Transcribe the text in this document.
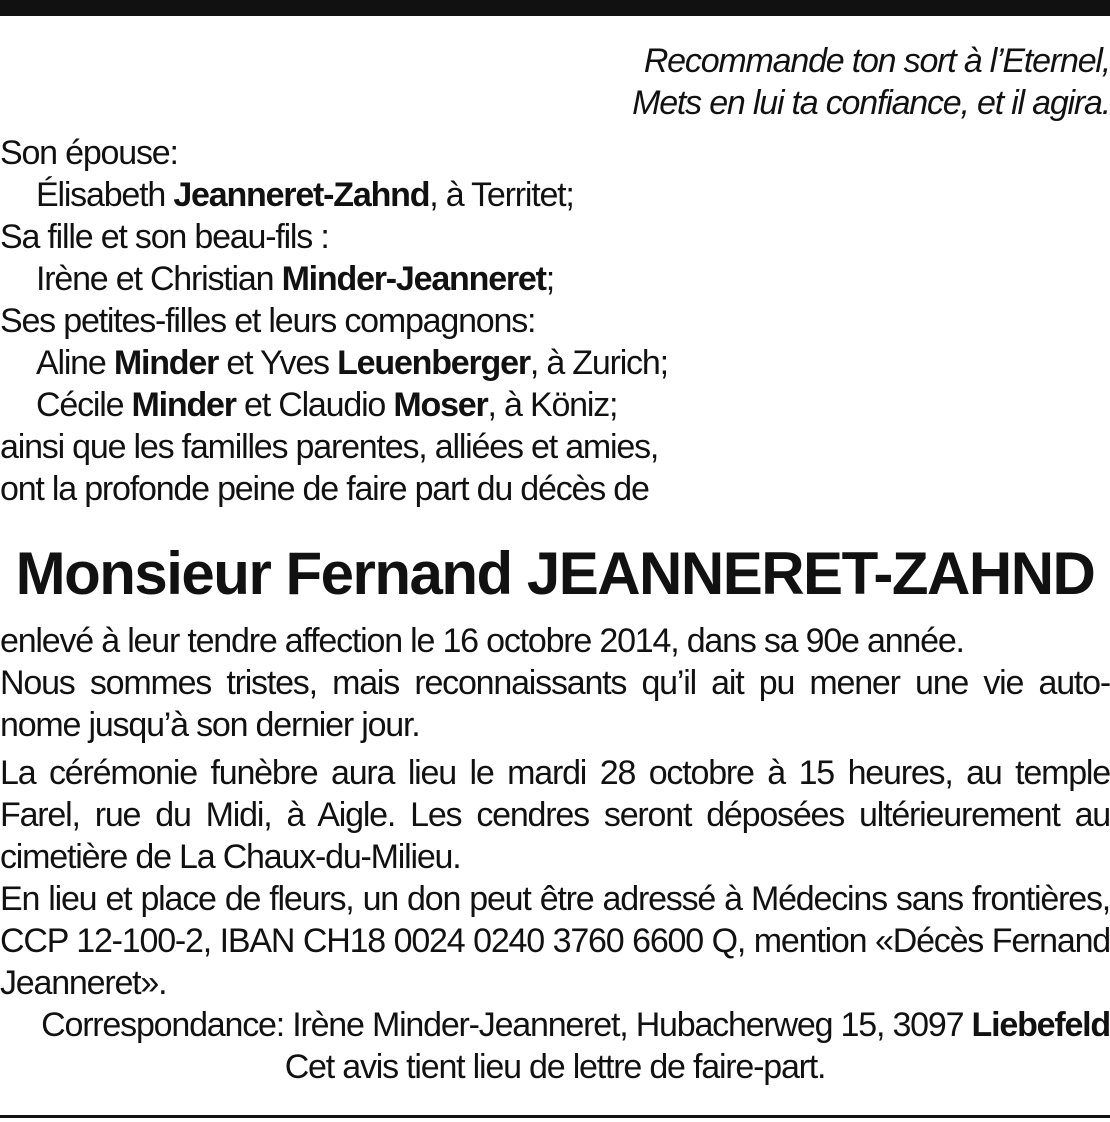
Recommande ton sort à l’Eternel,
Mets en lui ta confiance, et il agira.
Son épouse:
Élisabeth Jeanneret-Zahnd, à Territet;
Sa fille et son beau-fils :
Irène et Christian Minder-Jeanneret;
Ses petites-filles et leurs compagnons:
Aline Minder et Yves Leuenberger, à Zurich;
Cécile Minder et Claudio Moser, à Köniz;
ainsi que les familles parentes, alliées et amies,
ont la profonde peine de faire part du décès de
Monsieur Fernand JEANNERET-ZAHND
enlevé à leur tendre affection le 16 octobre 2014, dans sa 90e année.
Nous sommes tristes, mais reconnaissants qu’il ait pu mener une vie auto-
nome jusqu’à son dernier jour.
La cérémonie funèbre aura lieu le mardi 28 octobre à 15 heures, au temple
Farel, rue du Midi, à Aigle. Les cendres seront déposées ultérieurement au
cimetière de La Chaux-du-Milieu.
En lieu et place de fleurs, un don peut être adressé à Médecins sans frontières,
CCP 12-100-2, IBAN CH18 0024 0240 3760 6600 Q, mention «Décès Fernand
Jeanneret».
Correspondance: Irène Minder-Jeanneret, Hubacherweg 15, 3097 Liebefeld
Cet avis tient lieu de lettre de faire-part.
